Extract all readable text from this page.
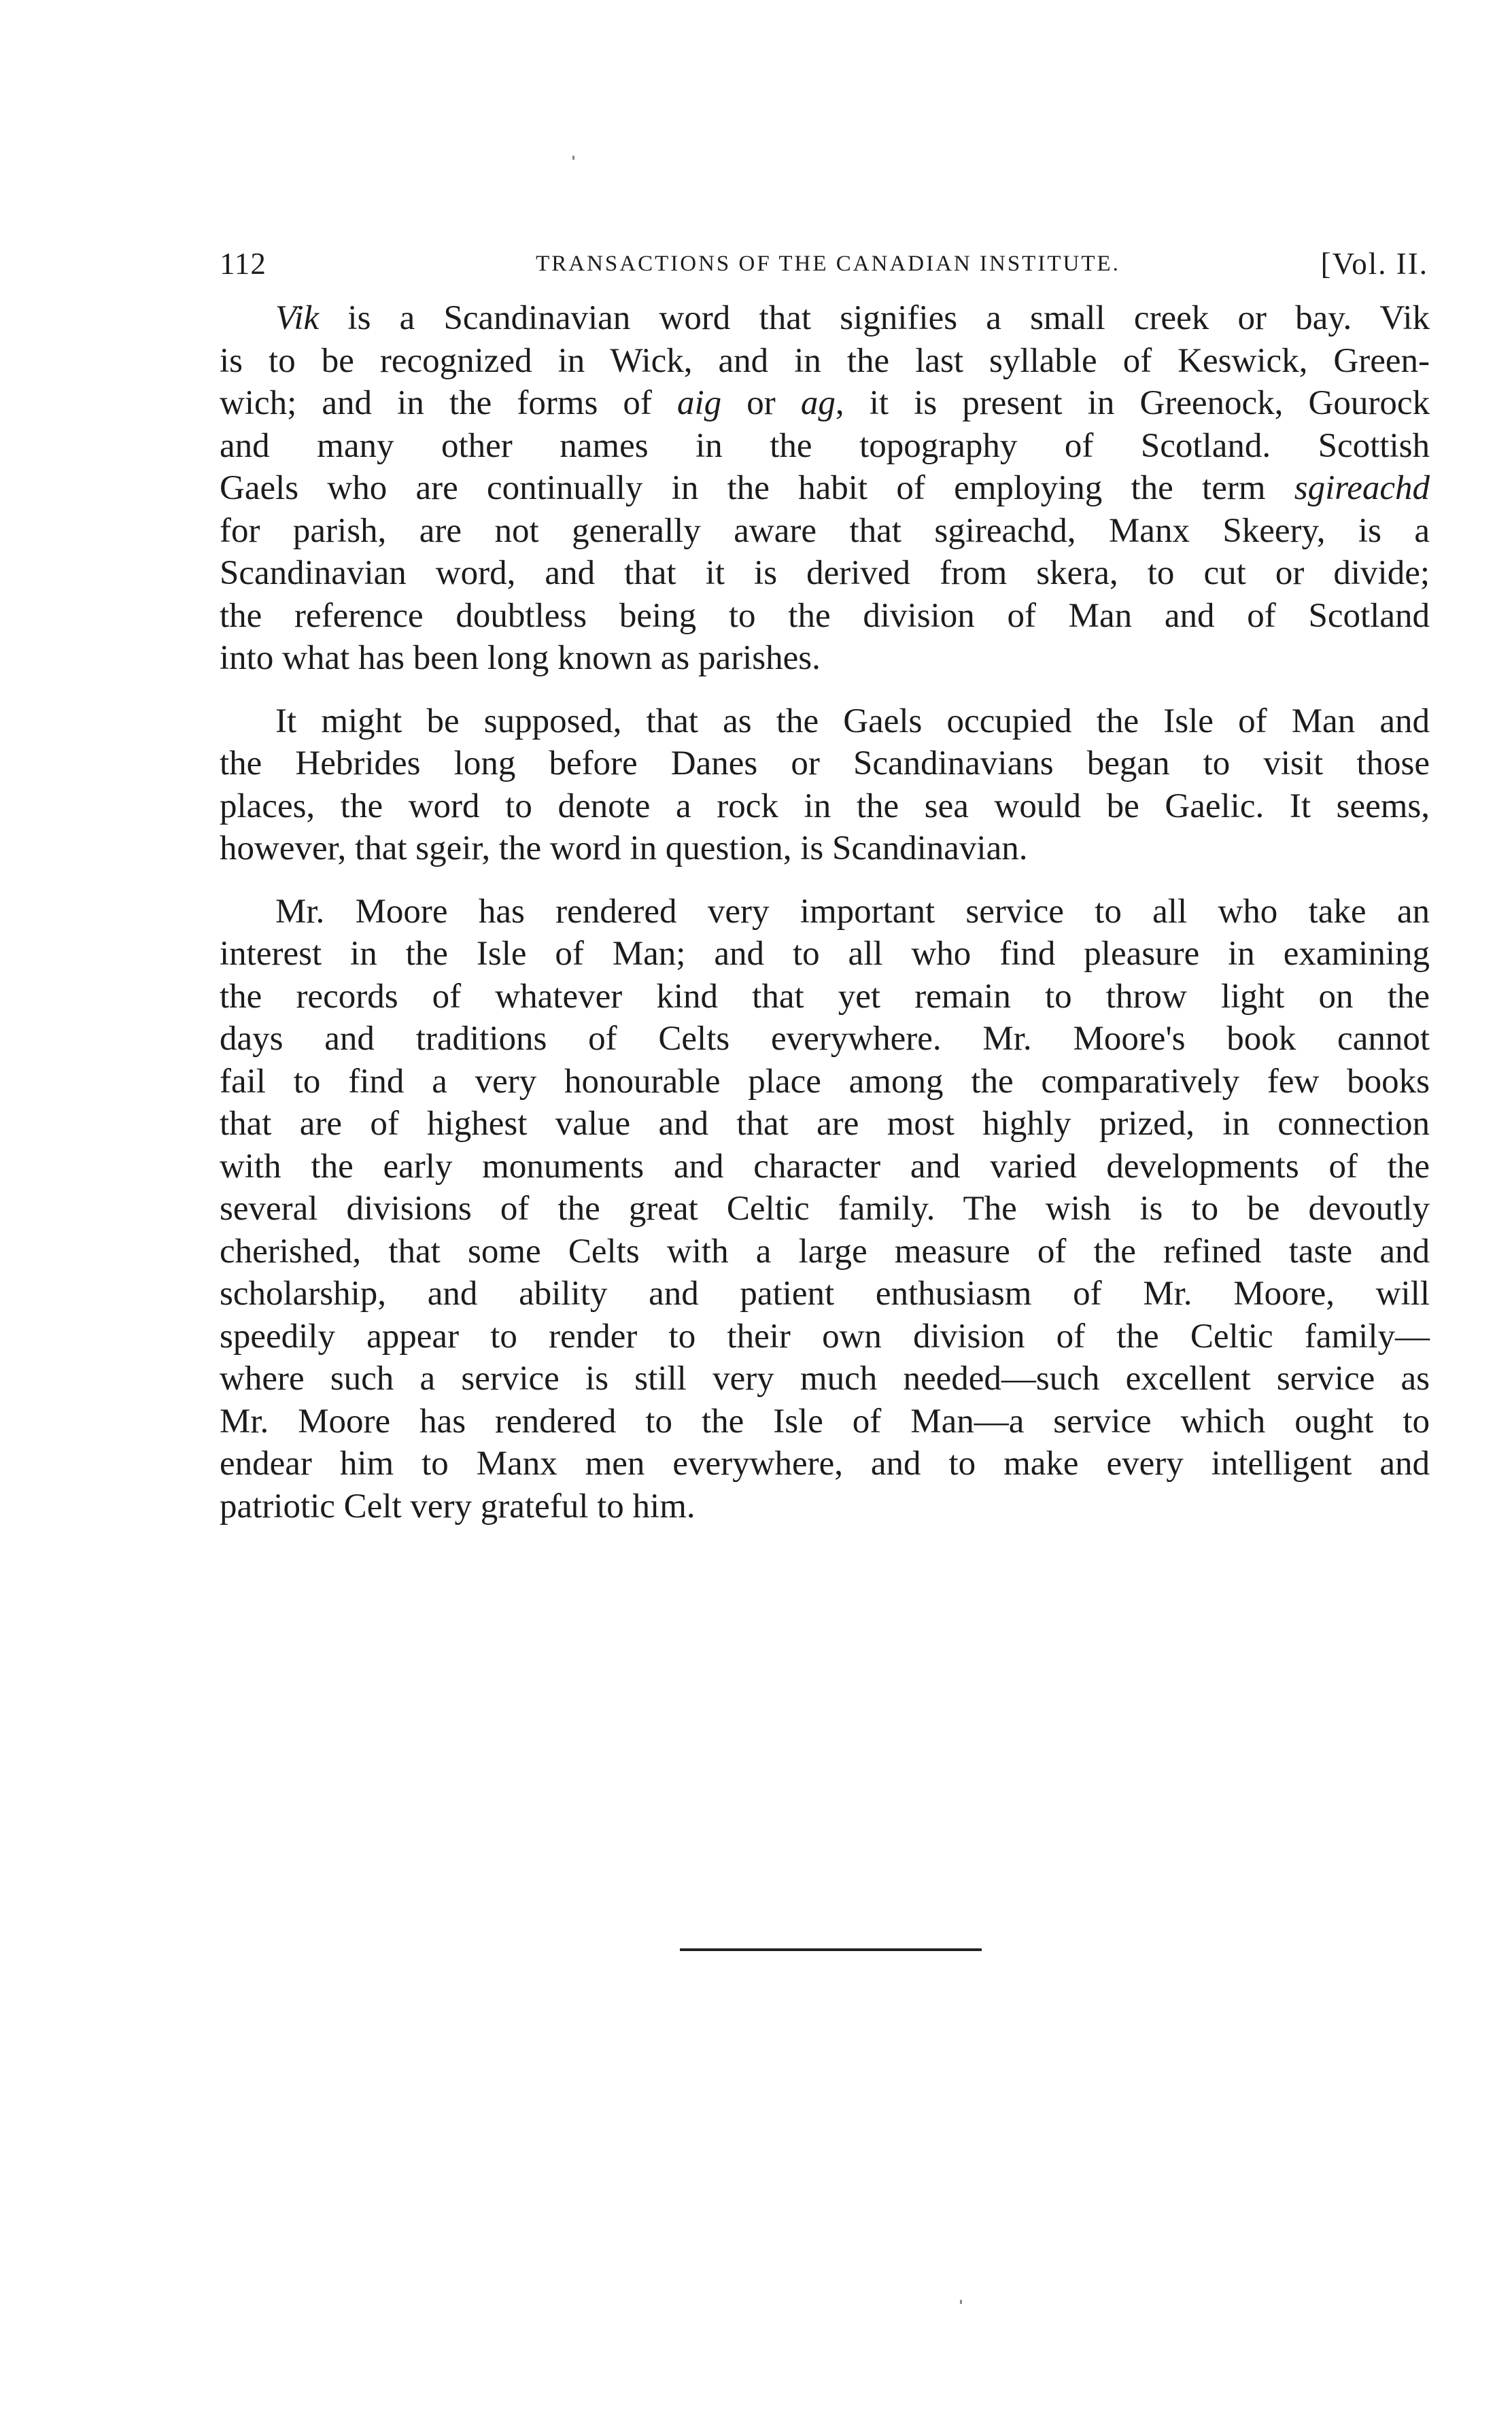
112	TRANSACTIONS OF THE CANADIAN INSTITUTE.	[Vol. II.
Vik is a Scandinavian word that signifies a small creek or bay. Vik
is to be recognized in Wick, and in the last syllable of Keswick, Green-
wich; and in the forms of aig or ag, it is present in Greenock, Gourock
and many other names in the topography of Scotland. Scottish
Gaels who are continually in the habit of employing the term sgireachd
for parish, are not generally aware that sgireachd, Manx Skeery, is a
Scandinavian word, and that it is derived from skera, to cut or divide;
the reference doubtless being to the division of Man and of Scotland
into what has been long known as parishes.
It might be supposed, that as the Gaels occupied the Isle of Man and
the Hebrides long before Danes or Scandinavians began to visit those
places, the word to denote a rock in the sea would be Gaelic. It seems,
however, that sgeir, the word in question, is Scandinavian.
Mr. Moore has rendered very important service to all who take an
interest in the Isle of Man; and to all who find pleasure in examining
the records of whatever kind that yet remain to throw light on the
days and traditions of Celts everywhere. Mr. Moore's book cannot
fail to find a very honourable place among the comparatively few books
that are of highest value and that are most highly prized, in connection
with the early monuments and character and varied developments of the
several divisions of the great Celtic family. The wish is to be devoutly
cherished, that some Celts with a large measure of the refined taste and
scholarship, and ability and patient enthusiasm of Mr. Moore, will
speedily appear to render to their own division of the Celtic family—
where such a service is still very much needed—such excellent service as
Mr. Moore has rendered to the Isle of Man—a service which ought to
endear him to Manx men everywhere, and to make every intelligent and
patriotic Celt very grateful to him.
